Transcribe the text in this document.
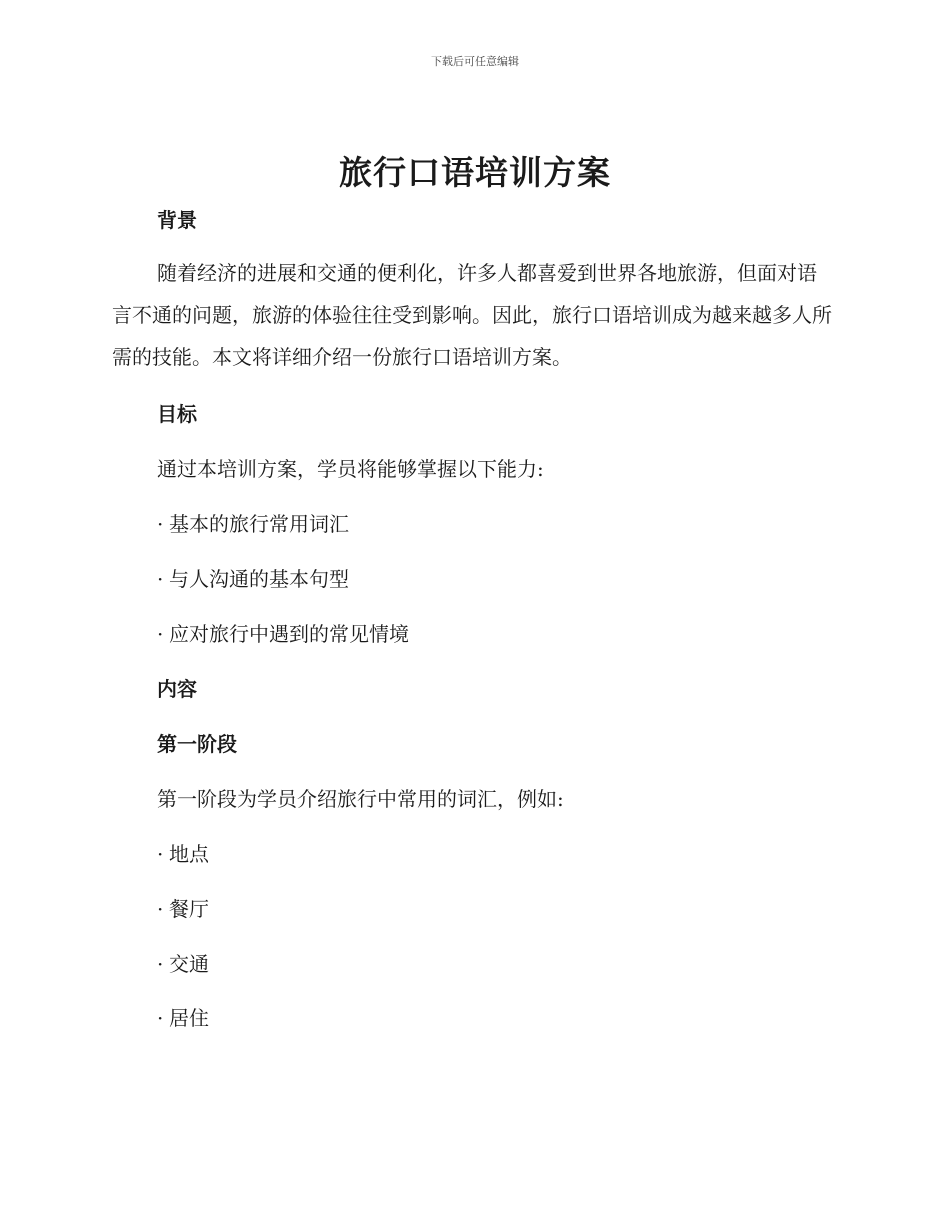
下载后可任意编辑
旅行口语培训方案
背景
随着经济的进展和交通的便利化，许多人都喜爱到世界各地旅游，但面对语言不通的问题，旅游的体验往往受到影响。因此，旅行口语培训成为越来越多人所需的技能。本文将详细介绍一份旅行口语培训方案。
目标
通过本培训方案，学员将能够掌握以下能力:
· 基本的旅行常用词汇
· 与人沟通的基本句型
· 应对旅行中遇到的常见情境
内容
第一阶段
第一阶段为学员介绍旅行中常用的词汇，例如:
· 地点
· 餐厅
· 交通
· 居住
